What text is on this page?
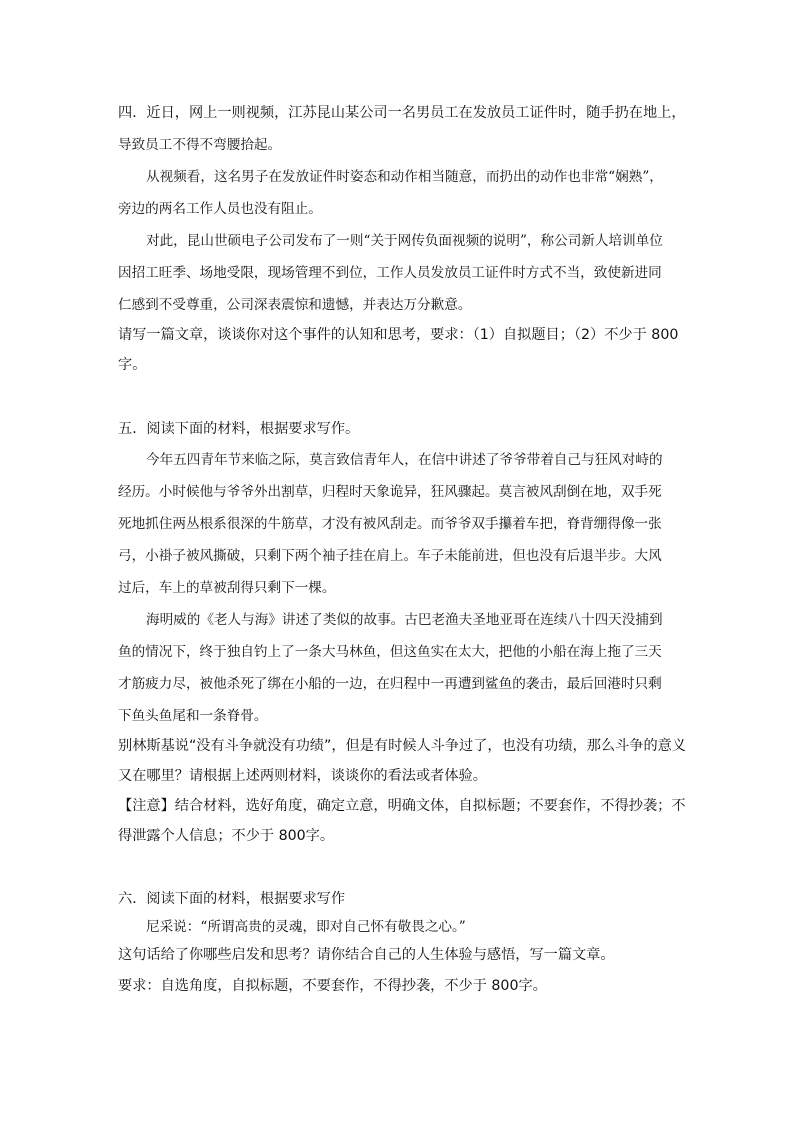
四．近日，网上一则视频，江苏昆山某公司一名男员工在发放员工证件时，随手扔在地上，
导致员工不得不弯腰拾起。
从视频看，这名男子在发放证件时姿态和动作相当随意，而扔出的动作也非常“娴熟”，
旁边的两名工作人员也没有阻止。
对此，昆山世硕电子公司发布了一则“关于网传负面视频的说明”，称公司新人培训单位
因招工旺季、场地受限，现场管理不到位，工作人员发放员工证件时方式不当，致使新进同
仁感到不受尊重，公司深表震惊和遗憾，并表达万分歉意。
请写一篇文章，谈谈你对这个事件的认知和思考，要求：（1）自拟题目；（2）不少于 800
字。
五．阅读下面的材料，根据要求写作。
今年五四青年节来临之际，莫言致信青年人，在信中讲述了爷爷带着自己与狂风对峙的
经历。小时候他与爷爷外出割草，归程时天象诡异，狂风骤起。莫言被风刮倒在地，双手死
死地抓住两丛根系很深的牛筋草，才没有被风刮走。而爷爷双手攥着车把，脊背绷得像一张
弓，小褂子被风撕破，只剩下两个袖子挂在肩上。车子未能前进，但也没有后退半步。大风
过后，车上的草被刮得只剩下一棵。
海明威的《老人与海》讲述了类似的故事。古巴老渔夫圣地亚哥在连续八十四天没捕到
鱼的情况下，终于独自钓上了一条大马林鱼，但这鱼实在太大，把他的小船在海上拖了三天
才筋疲力尽，被他杀死了绑在小船的一边，在归程中一再遭到鲨鱼的袭击，最后回港时只剩
下鱼头鱼尾和一条脊骨。
别林斯基说“没有斗争就没有功绩”，但是有时候人斗争过了，也没有功绩，那么斗争的意义
又在哪里？请根据上述两则材料，谈谈你的看法或者体验。
【注意】结合材料，选好角度，确定立意，明确文体，自拟标题；不要套作，不得抄袭；不
得泄露个人信息；不少于 800字。
六．阅读下面的材料，根据要求写作
尼采说：“所谓高贵的灵魂，即对自己怀有敬畏之心。”
这句话给了你哪些启发和思考？请你结合自己的人生体验与感悟，写一篇文章。
要求：自选角度，自拟标题，不要套作，不得抄袭，不少于 800字。
